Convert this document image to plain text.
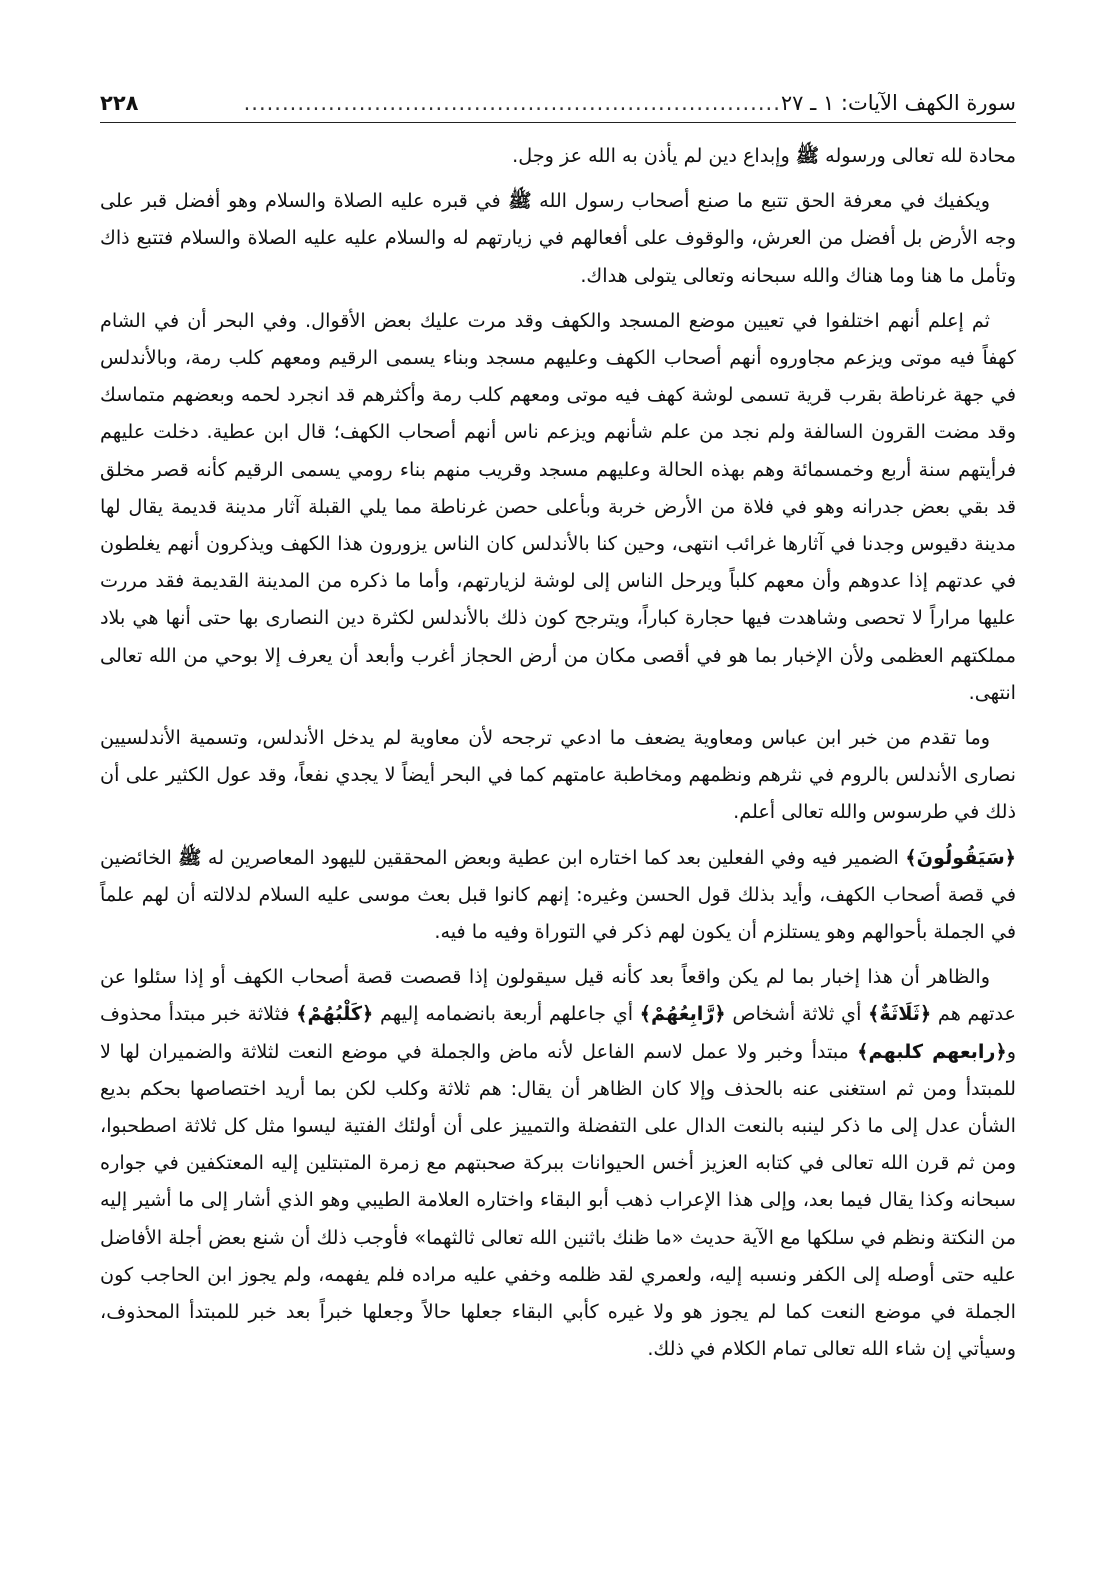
سورة الكهف الآيات: ١ ـ ٢٧
......................................................................
٢٢٨

محادة لله تعالى ورسوله ﷺ وإبداع دين لم يأذن به الله عز وجل.

ويكفيك في معرفة الحق تتبع ما صنع أصحاب رسول الله ﷺ في قبره عليه الصلاة والسلام وهو أفضل قبر على وجه الأرض بل أفضل من العرش، والوقوف على أفعالهم في زيارتهم له والسلام عليه عليه الصلاة والسلام فتتبع ذاك وتأمل ما هنا وما هناك والله سبحانه وتعالى يتولى هداك.

ثم إعلم أنهم اختلفوا في تعيين موضع المسجد والكهف وقد مرت عليك بعض الأقوال. وفي البحر أن في الشام كهفاً فيه موتى ويزعم مجاوروه أنهم أصحاب الكهف وعليهم مسجد وبناء يسمى الرقيم ومعهم كلب رمة، وبالأندلس في جهة غرناطة بقرب قرية تسمى لوشة كهف فيه موتى ومعهم كلب رمة وأكثرهم قد انجرد لحمه وبعضهم متماسك وقد مضت القرون السالفة ولم نجد من علم شأنهم ويزعم ناس أنهم أصحاب الكهف؛ قال ابن عطية. دخلت عليهم فرأيتهم سنة أربع وخمسمائة وهم بهذه الحالة وعليهم مسجد وقريب منهم بناء رومي يسمى الرقيم كأنه قصر مخلق قد بقي بعض جدرانه وهو في فلاة من الأرض خربة وبأعلى حصن غرناطة مما يلي القبلة آثار مدينة قديمة يقال لها مدينة دقيوس وجدنا في آثارها غرائب انتهى، وحين كنا بالأندلس كان الناس يزورون هذا الكهف ويذكرون أنهم يغلطون في عدتهم إذا عدوهم وأن معهم كلباً ويرحل الناس إلى لوشة لزيارتهم، وأما ما ذكره من المدينة القديمة فقد مررت عليها مراراً لا تحصى وشاهدت فيها حجارة كباراً، ويترجح كون ذلك بالأندلس لكثرة دين النصارى بها حتى أنها هي بلاد مملكتهم العظمى ولأن الإخبار بما هو في أقصى مكان من أرض الحجاز أغرب وأبعد أن يعرف إلا بوحي من الله تعالى انتهى.

وما تقدم من خبر ابن عباس ومعاوية يضعف ما ادعي ترجحه لأن معاوية لم يدخل الأندلس، وتسمية الأندلسيين نصارى الأندلس بالروم في نثرهم ونظمهم ومخاطبة عامتهم كما في البحر أيضاً لا يجدي نفعاً، وقد عول الكثير على أن ذلك في طرسوس والله تعالى أعلم.

﴿سَيَقُولُونَ﴾ الضمير فيه وفي الفعلين بعد كما اختاره ابن عطية وبعض المحققين لليهود المعاصرين له ﷺ الخائضين في قصة أصحاب الكهف، وأيد بذلك قول الحسن وغيره: إنهم كانوا قبل بعث موسى عليه السلام لدلالته أن لهم علماً في الجملة بأحوالهم وهو يستلزم أن يكون لهم ذكر في التوراة وفيه ما فيه.

والظاهر أن هذا إخبار بما لم يكن واقعاً بعد كأنه قيل سيقولون إذا قصصت قصة أصحاب الكهف أو إذا سئلوا عن عدتهم هم ﴿ثَلَاثَةٌ﴾ أي ثلاثة أشخاص ﴿رَّابِعُهُمْ﴾ أي جاعلهم أربعة بانضمامه إليهم ﴿كَلْبُهُمْ﴾ فثلاثة خبر مبتدأ محذوف و﴿رابعهم كلبهم﴾ مبتدأ وخبر ولا عمل لاسم الفاعل لأنه ماض والجملة في موضع النعت لثلاثة والضميران لها لا للمبتدأ ومن ثم استغنى عنه بالحذف وإلا كان الظاهر أن يقال: هم ثلاثة وكلب لكن بما أريد اختصاصها بحكم بديع الشأن عدل إلى ما ذكر لينبه بالنعت الدال على التفضلة والتمييز على أن أولئك الفتية ليسوا مثل كل ثلاثة اصطحبوا، ومن ثم قرن الله تعالى في كتابه العزيز أخس الحيوانات ببركة صحبتهم مع زمرة المتبتلين إليه المعتكفين في جواره سبحانه وكذا يقال فيما بعد، وإلى هذا الإعراب ذهب أبو البقاء واختاره العلامة الطيبي وهو الذي أشار إلى ما أشير إليه من النكتة ونظم في سلكها مع الآية حديث «ما ظنك باثنين الله تعالى ثالثهما» فأوجب ذلك أن شنع بعض أجلة الأفاضل عليه حتى أوصله إلى الكفر ونسبه إليه، ولعمري لقد ظلمه وخفي عليه مراده فلم يفهمه، ولم يجوز ابن الحاجب كون الجملة في موضع النعت كما لم يجوز هو ولا غيره كأبي البقاء جعلها حالاً وجعلها خبراً بعد خبر للمبتدأ المحذوف، وسيأتي إن شاء الله تعالى تمام الكلام في ذلك.
